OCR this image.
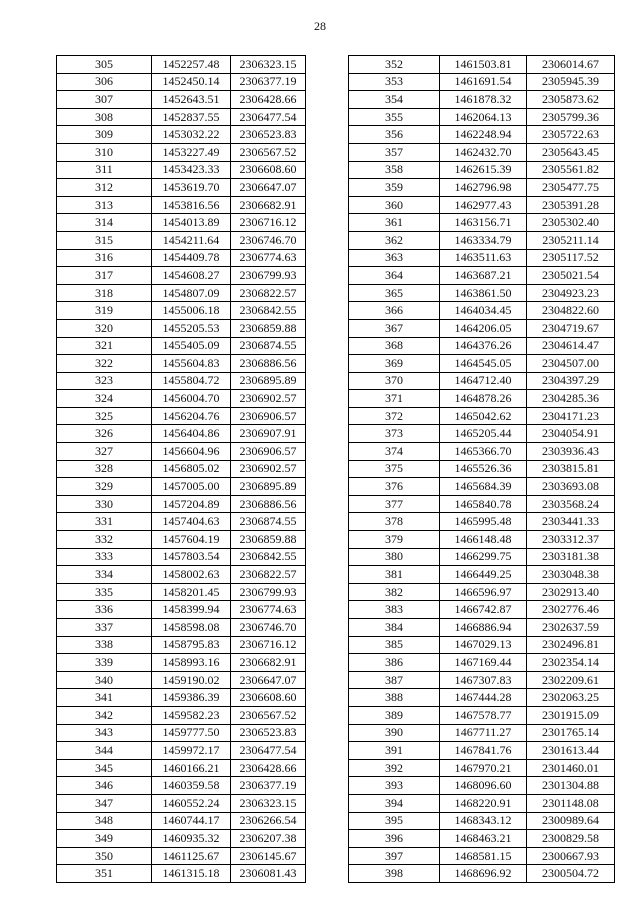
28
305	1452257.48	2306323.15
306	1452450.14	2306377.19
307	1452643.51	2306428.66
308	1452837.55	2306477.54
309	1453032.22	2306523.83
310	1453227.49	2306567.52
311	1453423.33	2306608.60
312	1453619.70	2306647.07
313	1453816.56	2306682.91
314	1454013.89	2306716.12
315	1454211.64	2306746.70
316	1454409.78	2306774.63
317	1454608.27	2306799.93
318	1454807.09	2306822.57
319	1455006.18	2306842.55
320	1455205.53	2306859.88
321	1455405.09	2306874.55
322	1455604.83	2306886.56
323	1455804.72	2306895.89
324	1456004.70	2306902.57
325	1456204.76	2306906.57
326	1456404.86	2306907.91
327	1456604.96	2306906.57
328	1456805.02	2306902.57
329	1457005.00	2306895.89
330	1457204.89	2306886.56
331	1457404.63	2306874.55
332	1457604.19	2306859.88
333	1457803.54	2306842.55
334	1458002.63	2306822.57
335	1458201.45	2306799.93
336	1458399.94	2306774.63
337	1458598.08	2306746.70
338	1458795.83	2306716.12
339	1458993.16	2306682.91
340	1459190.02	2306647.07
341	1459386.39	2306608.60
342	1459582.23	2306567.52
343	1459777.50	2306523.83
344	1459972.17	2306477.54
345	1460166.21	2306428.66
346	1460359.58	2306377.19
347	1460552.24	2306323.15
348	1460744.17	2306266.54
349	1460935.32	2306207.38
350	1461125.67	2306145.67
351	1461315.18	2306081.43
352	1461503.81	2306014.67
353	1461691.54	2305945.39
354	1461878.32	2305873.62
355	1462064.13	2305799.36
356	1462248.94	2305722.63
357	1462432.70	2305643.45
358	1462615.39	2305561.82
359	1462796.98	2305477.75
360	1462977.43	2305391.28
361	1463156.71	2305302.40
362	1463334.79	2305211.14
363	1463511.63	2305117.52
364	1463687.21	2305021.54
365	1463861.50	2304923.23
366	1464034.45	2304822.60
367	1464206.05	2304719.67
368	1464376.26	2304614.47
369	1464545.05	2304507.00
370	1464712.40	2304397.29
371	1464878.26	2304285.36
372	1465042.62	2304171.23
373	1465205.44	2304054.91
374	1465366.70	2303936.43
375	1465526.36	2303815.81
376	1465684.39	2303693.08
377	1465840.78	2303568.24
378	1465995.48	2303441.33
379	1466148.48	2303312.37
380	1466299.75	2303181.38
381	1466449.25	2303048.38
382	1466596.97	2302913.40
383	1466742.87	2302776.46
384	1466886.94	2302637.59
385	1467029.13	2302496.81
386	1467169.44	2302354.14
387	1467307.83	2302209.61
388	1467444.28	2302063.25
389	1467578.77	2301915.09
390	1467711.27	2301765.14
391	1467841.76	2301613.44
392	1467970.21	2301460.01
393	1468096.60	2301304.88
394	1468220.91	2301148.08
395	1468343.12	2300989.64
396	1468463.21	2300829.58
397	1468581.15	2300667.93
398	1468696.92	2300504.72
